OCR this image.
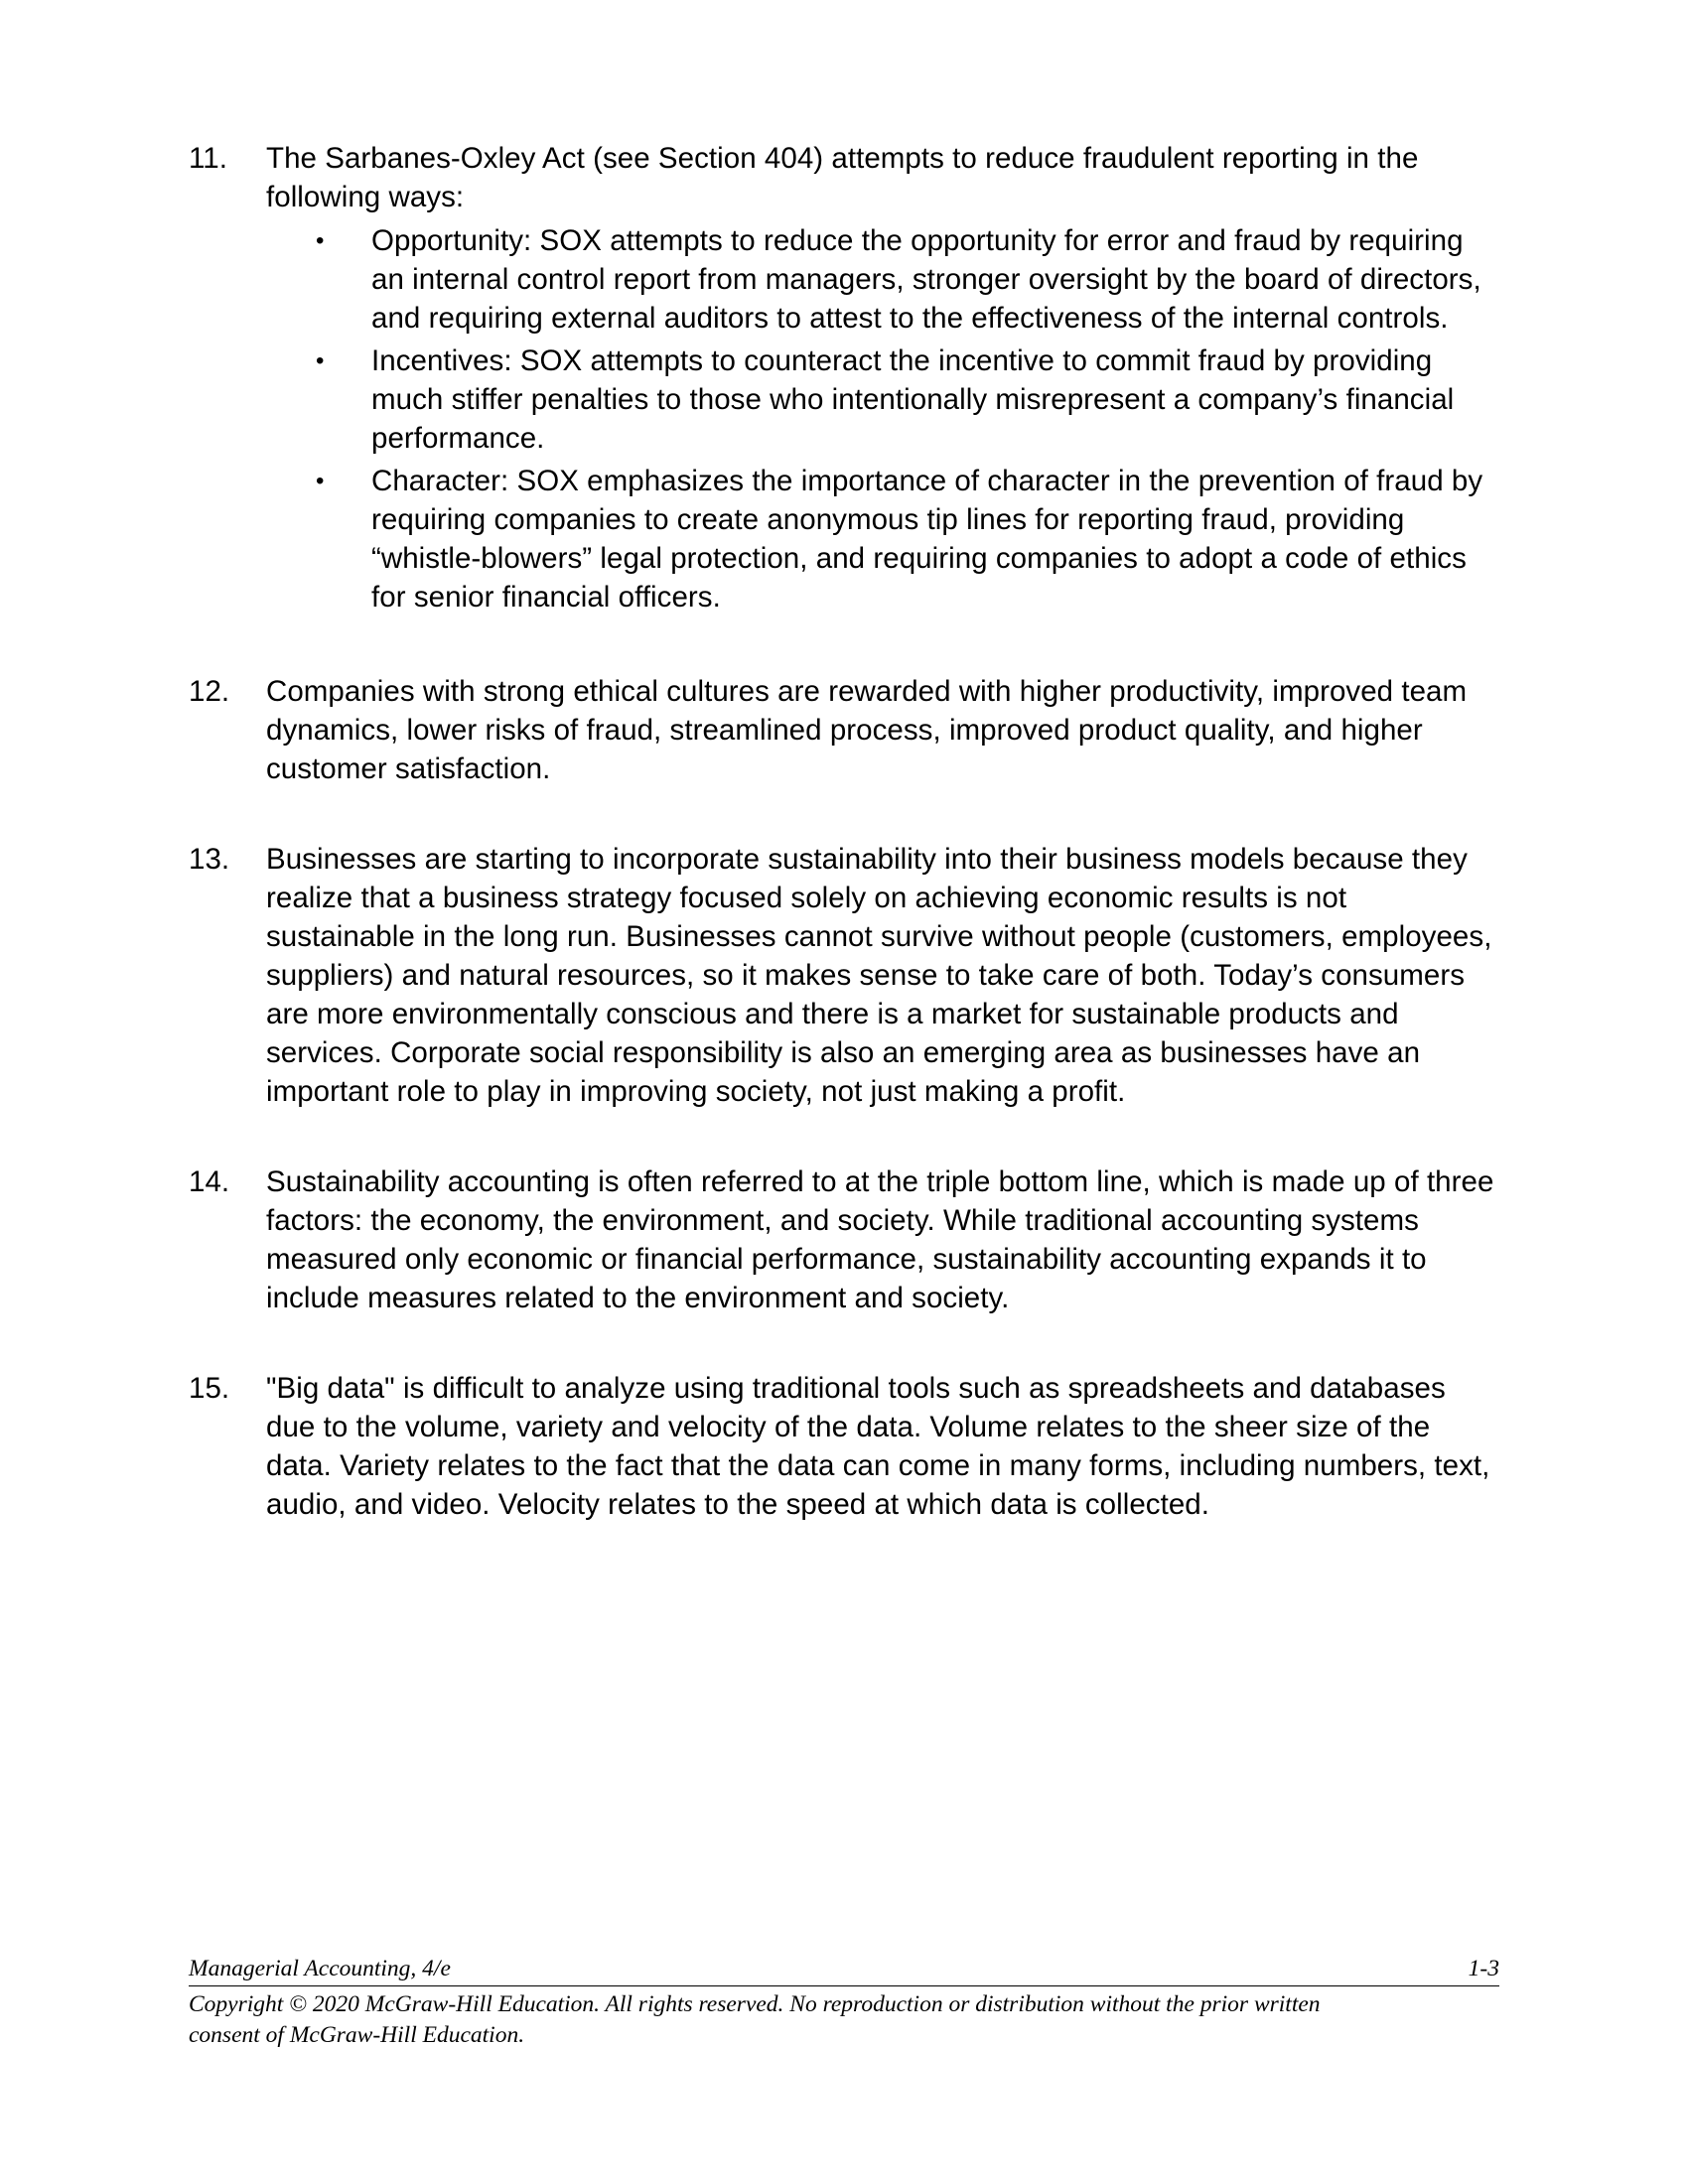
11.	The Sarbanes-Oxley Act (see Section 404) attempts to reduce fraudulent reporting in the following ways:
• Opportunity: SOX attempts to reduce the opportunity for error and fraud by requiring an internal control report from managers, stronger oversight by the board of directors, and requiring external auditors to attest to the effectiveness of the internal controls.
• Incentives: SOX attempts to counteract the incentive to commit fraud by providing much stiffer penalties to those who intentionally misrepresent a company’s financial performance.
• Character: SOX emphasizes the importance of character in the prevention of fraud by requiring companies to create anonymous tip lines for reporting fraud, providing “whistle-blowers” legal protection, and requiring companies to adopt a code of ethics for senior financial officers.
12.	Companies with strong ethical cultures are rewarded with higher productivity, improved team dynamics, lower risks of fraud, streamlined process, improved product quality, and higher customer satisfaction.
13.	Businesses are starting to incorporate sustainability into their business models because they realize that a business strategy focused solely on achieving economic results is not sustainable in the long run. Businesses cannot survive without people (customers, employees, suppliers) and natural resources, so it makes sense to take care of both. Today’s consumers are more environmentally conscious and there is a market for sustainable products and services. Corporate social responsibility is also an emerging area as businesses have an important role to play in improving society, not just making a profit.
14.	Sustainability accounting is often referred to at the triple bottom line, which is made up of three factors: the economy, the environment, and society. While traditional accounting systems measured only economic or financial performance, sustainability accounting expands it to include measures related to the environment and society.
15.	"Big data" is difficult to analyze using traditional tools such as spreadsheets and databases due to the volume, variety and velocity of the data. Volume relates to the sheer size of the data. Variety relates to the fact that the data can come in many forms, including numbers, text, audio, and video. Velocity relates to the speed at which data is collected.
Managerial Accounting, 4/e	1-3
Copyright © 2020 McGraw-Hill Education. All rights reserved. No reproduction or distribution without the prior written consent of McGraw-Hill Education.
